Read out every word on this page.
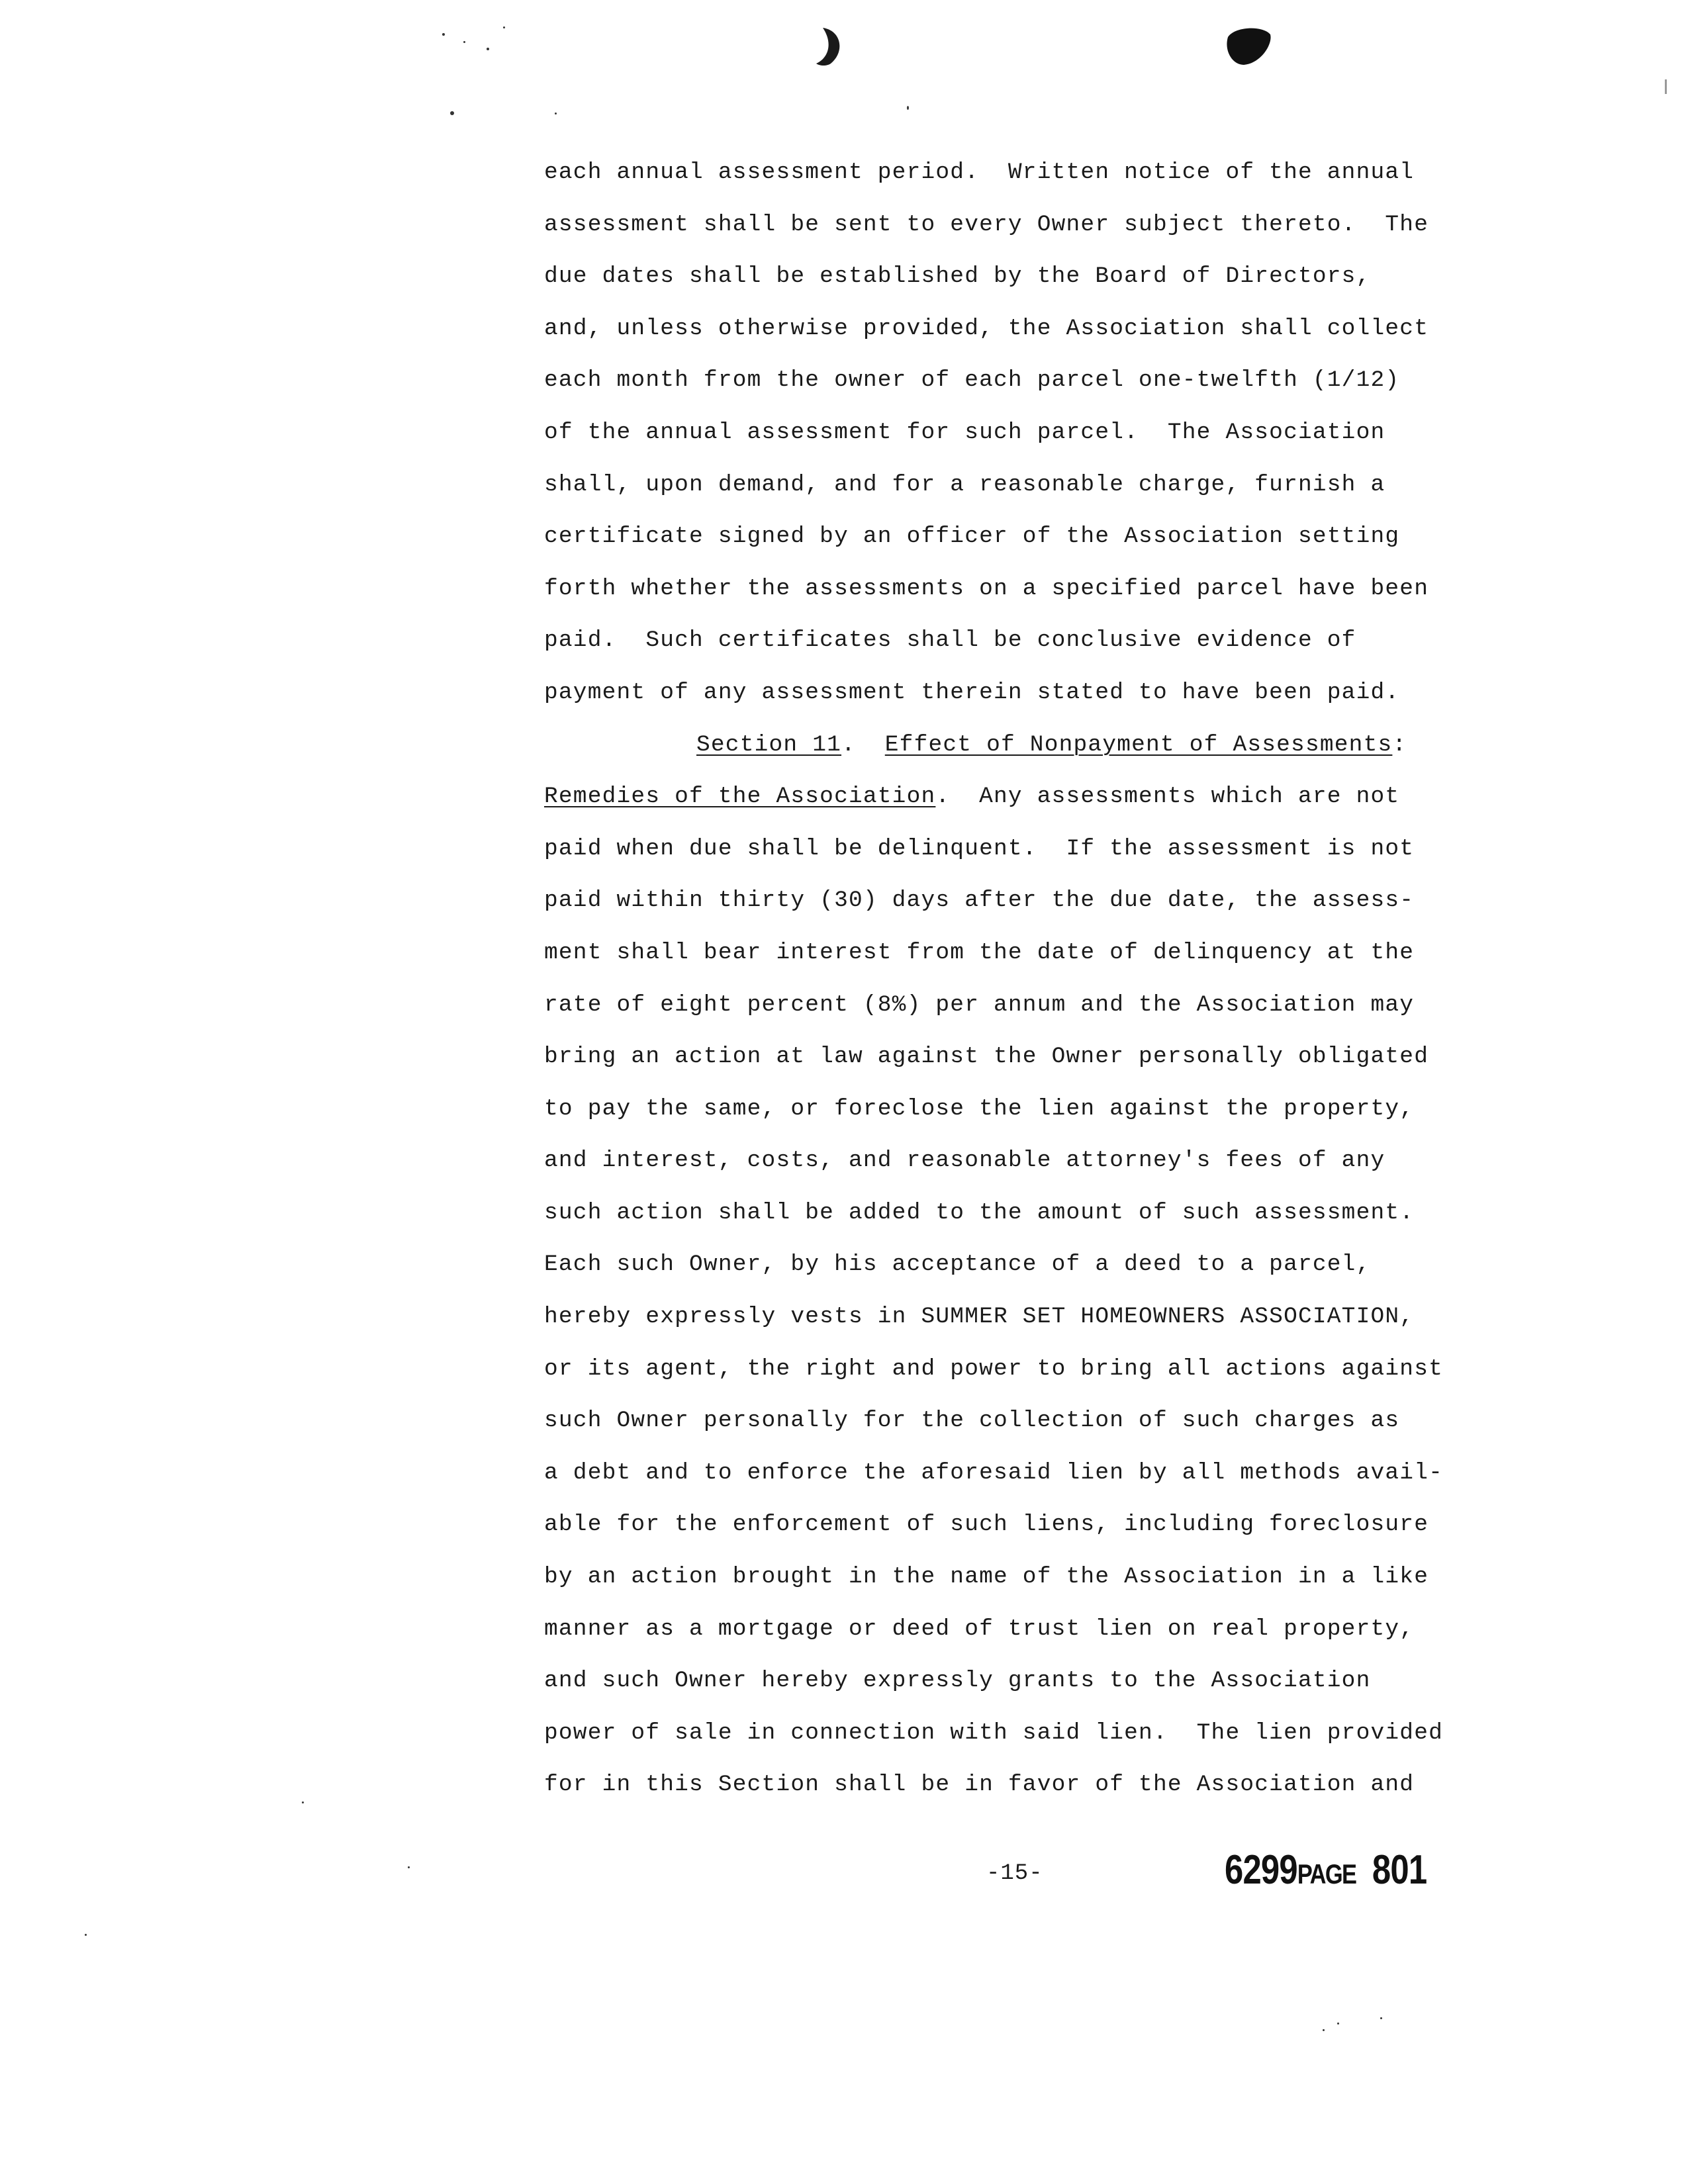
each annual assessment period.  Written notice of the annual
assessment shall be sent to every Owner subject thereto.  The
due dates shall be established by the Board of Directors,
and, unless otherwise provided, the Association shall collect
each month from the owner of each parcel one-twelfth (1/12)
of the annual assessment for such parcel.  The Association
shall, upon demand, and for a reasonable charge, furnish a
certificate signed by an officer of the Association setting
forth whether the assessments on a specified parcel have been
paid.  Such certificates shall be conclusive evidence of
payment of any assessment therein stated to have been paid.
Section 11.  Effect of Nonpayment of Assessments:
Remedies of the Association.  Any assessments which are not
paid when due shall be delinquent.  If the assessment is not
paid within thirty (30) days after the due date, the assess-
ment shall bear interest from the date of delinquency at the
rate of eight percent (8%) per annum and the Association may
bring an action at law against the Owner personally obligated
to pay the same, or foreclose the lien against the property,
and interest, costs, and reasonable attorney's fees of any
such action shall be added to the amount of such assessment.
Each such Owner, by his acceptance of a deed to a parcel,
hereby expressly vests in SUMMER SET HOMEOWNERS ASSOCIATION,
or its agent, the right and power to bring all actions against
such Owner personally for the collection of such charges as
a debt and to enforce the aforesaid lien by all methods avail-
able for the enforcement of such liens, including foreclosure
by an action brought in the name of the Association in a like
manner as a mortgage or deed of trust lien on real property,
and such Owner hereby expressly grants to the Association
power of sale in connection with said lien.  The lien provided
for in this Section shall be in favor of the Association and
-15-	6299PAGE 801
